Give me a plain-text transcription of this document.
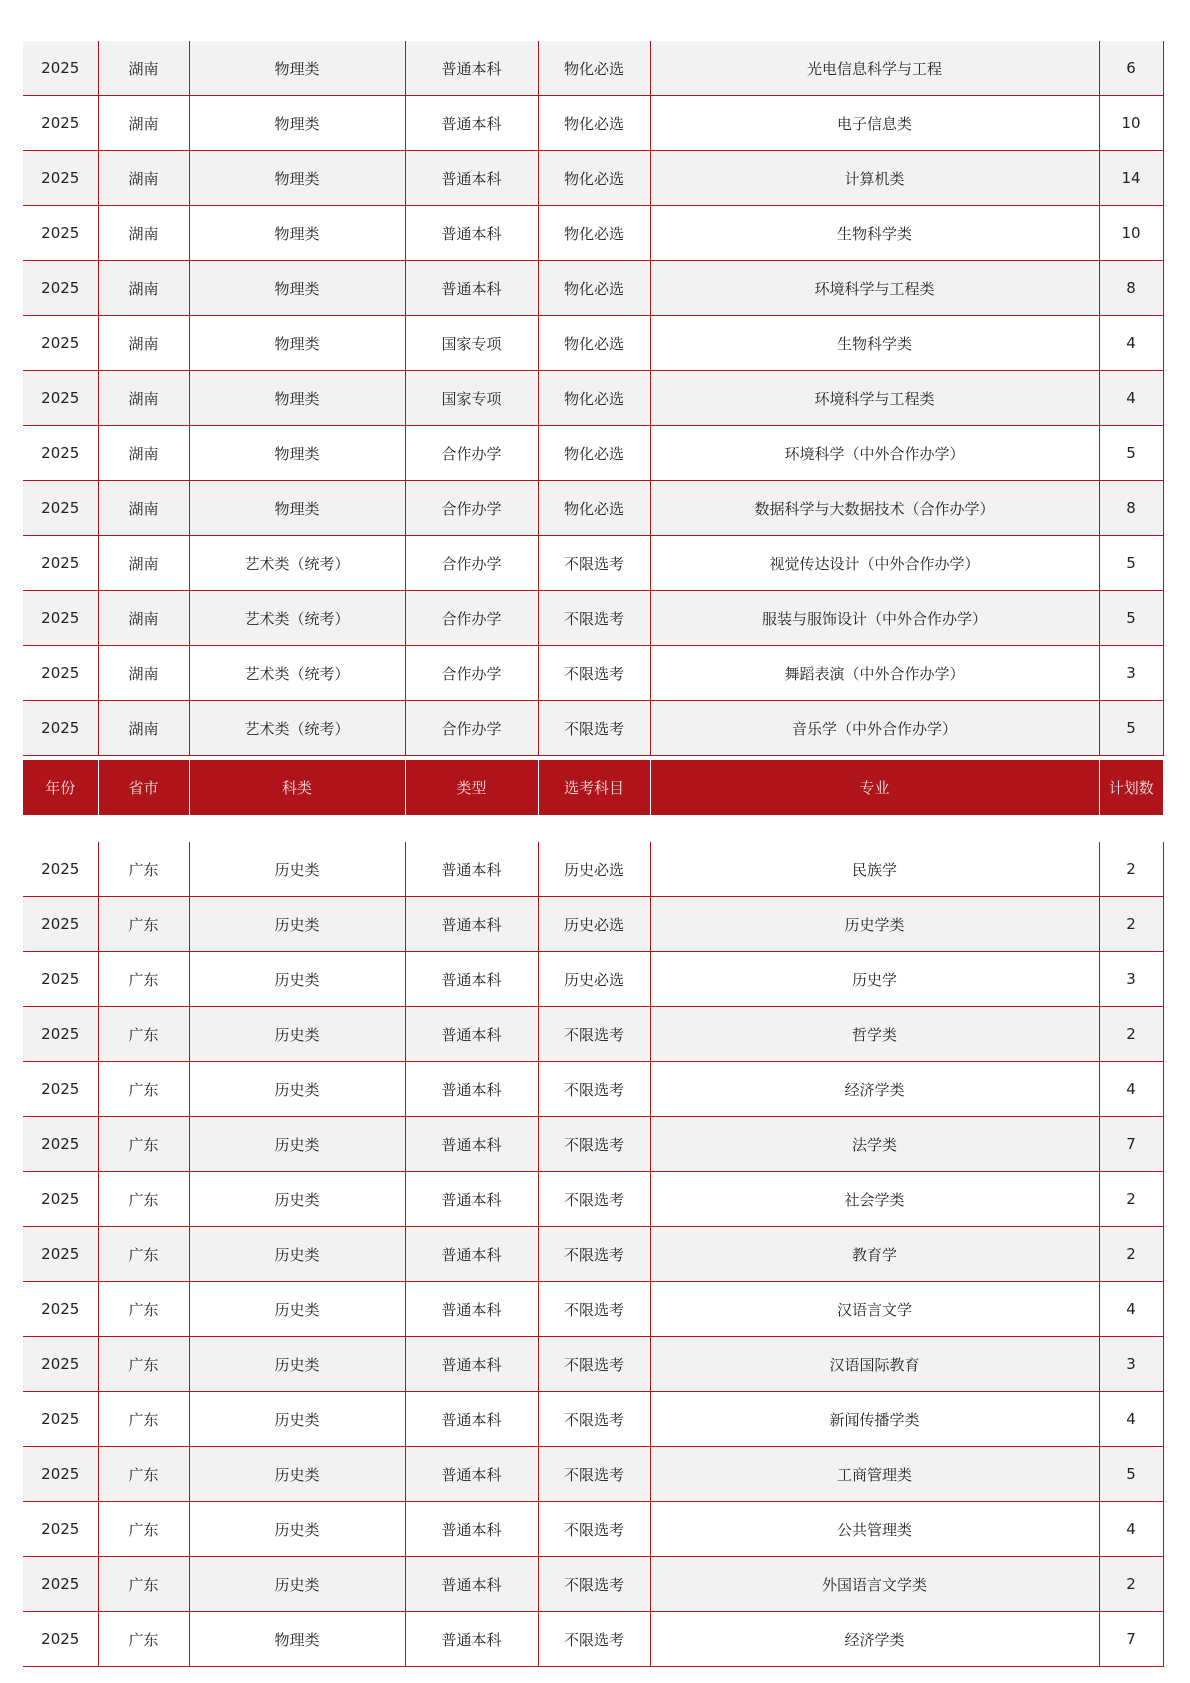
2025	湖南	物理类	普通本科	物化必选	光电信息科学与工程	6
2025	湖南	物理类	普通本科	物化必选	电子信息类	10
2025	湖南	物理类	普通本科	物化必选	计算机类	14
2025	湖南	物理类	普通本科	物化必选	生物科学类	10
2025	湖南	物理类	普通本科	物化必选	环境科学与工程类	8
2025	湖南	物理类	国家专项	物化必选	生物科学类	4
2025	湖南	物理类	国家专项	物化必选	环境科学与工程类	4
2025	湖南	物理类	合作办学	物化必选	环境科学（中外合作办学）	5
2025	湖南	物理类	合作办学	物化必选	数据科学与大数据技术（合作办学）	8
2025	湖南	艺术类（统考）	合作办学	不限选考	视觉传达设计（中外合作办学）	5
2025	湖南	艺术类（统考）	合作办学	不限选考	服装与服饰设计（中外合作办学）	5
2025	湖南	艺术类（统考）	合作办学	不限选考	舞蹈表演（中外合作办学）	3
2025	湖南	艺术类（统考）	合作办学	不限选考	音乐学（中外合作办学）	5
年份	省市	科类	类型	选考科目	专业	计划数
2025	广东	历史类	普通本科	历史必选	民族学	2
2025	广东	历史类	普通本科	历史必选	历史学类	2
2025	广东	历史类	普通本科	历史必选	历史学	3
2025	广东	历史类	普通本科	不限选考	哲学类	2
2025	广东	历史类	普通本科	不限选考	经济学类	4
2025	广东	历史类	普通本科	不限选考	法学类	7
2025	广东	历史类	普通本科	不限选考	社会学类	2
2025	广东	历史类	普通本科	不限选考	教育学	2
2025	广东	历史类	普通本科	不限选考	汉语言文学	4
2025	广东	历史类	普通本科	不限选考	汉语国际教育	3
2025	广东	历史类	普通本科	不限选考	新闻传播学类	4
2025	广东	历史类	普通本科	不限选考	工商管理类	5
2025	广东	历史类	普通本科	不限选考	公共管理类	4
2025	广东	历史类	普通本科	不限选考	外国语言文学类	2
2025	广东	物理类	普通本科	不限选考	经济学类	7
